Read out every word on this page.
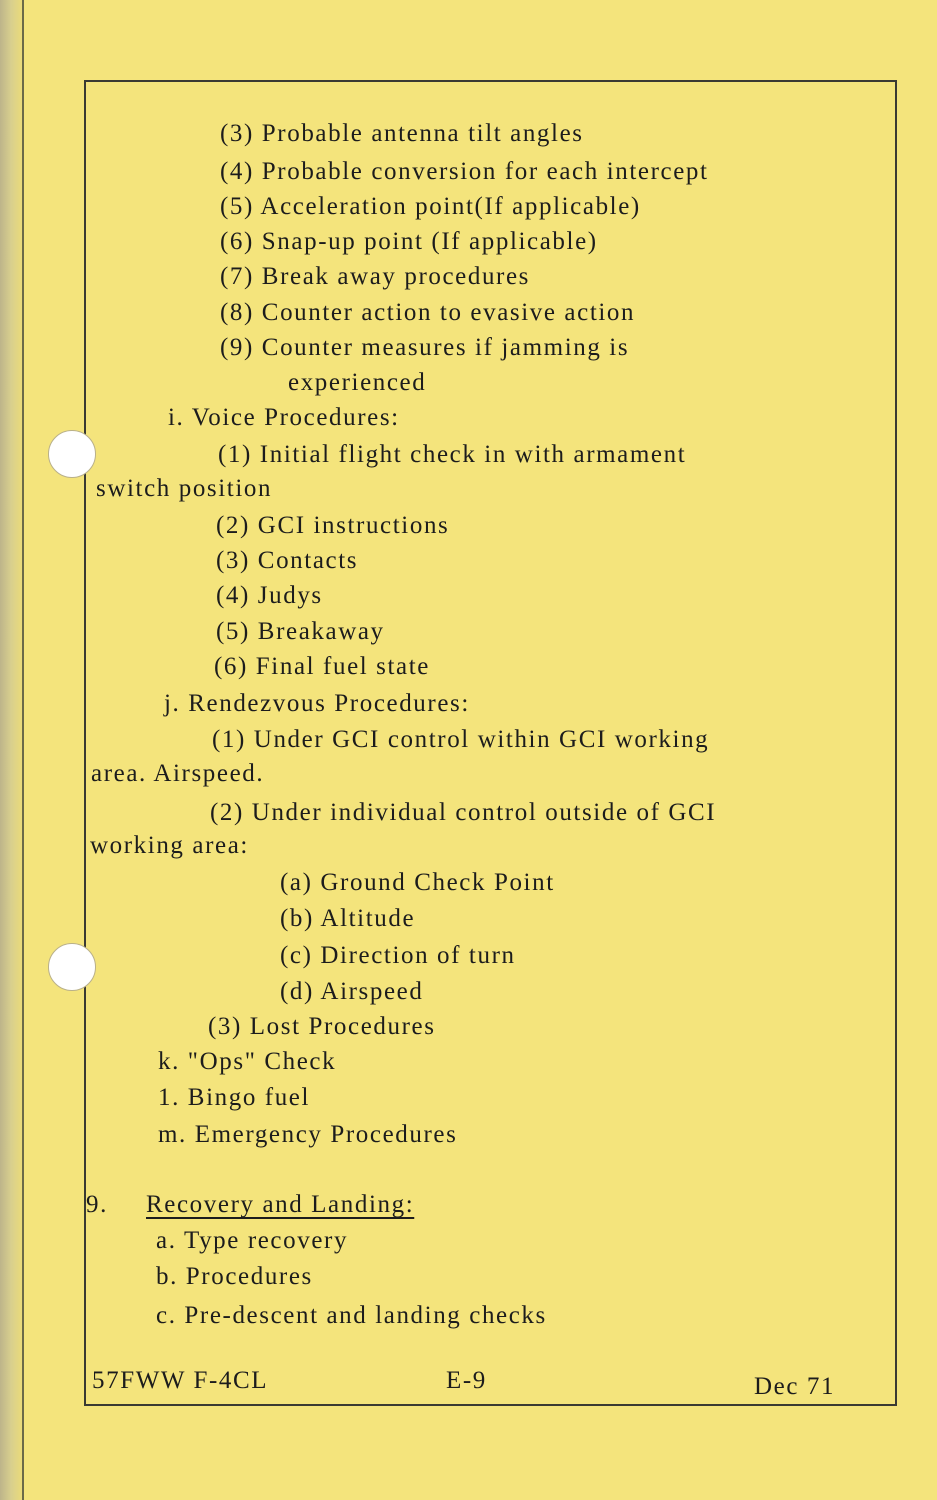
(3) Probable antenna tilt angles
(4) Probable conversion for each intercept
(5) Acceleration point(If applicable)
(6) Snap-up point (If applicable)
(7) Break away procedures
(8) Counter action to evasive action
(9) Counter measures if jamming is
experienced
i. Voice Procedures:
(1) Initial flight check in with armament
switch position
(2) GCI instructions
(3) Contacts
(4) Judys
(5) Breakaway
(6) Final fuel state
j. Rendezvous Procedures:
(1) Under GCI control within GCI working
area. Airspeed.
(2) Under individual control outside of GCI
working area:
(a) Ground Check Point
(b) Altitude
(c) Direction of turn
(d) Airspeed
(3) Lost Procedures
k. "Ops" Check
1. Bingo fuel
m. Emergency Procedures
9. Recovery and Landing:
a. Type recovery
b. Procedures
c. Pre-descent and landing checks
57FWW F-4CL	E-9	Dec 71
